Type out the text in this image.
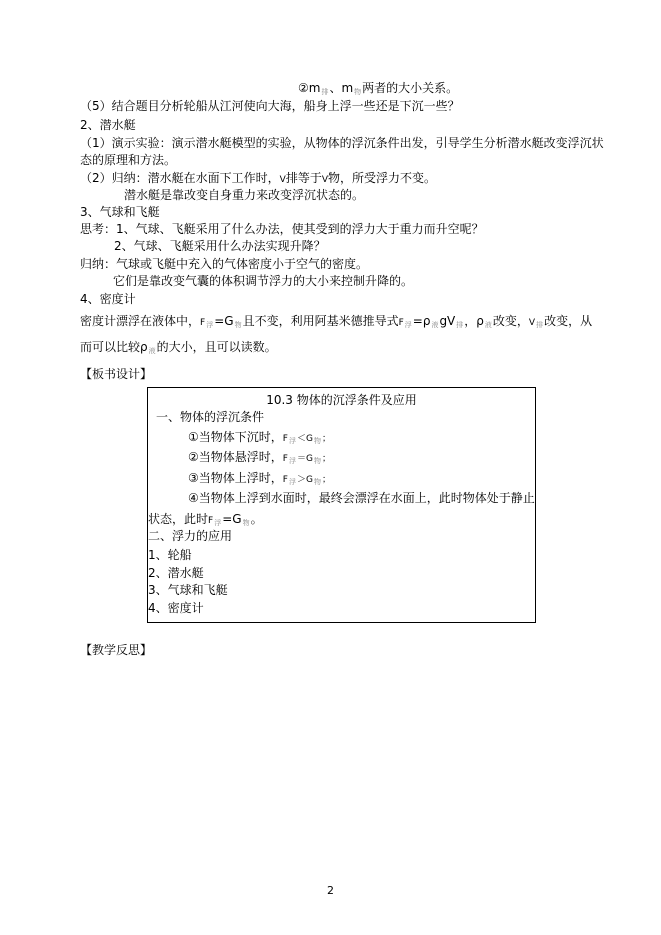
$②m_排$、$m_物$两者的大小关系。
（5）结合题目分析轮船从江河使向大海，船身上浮一些还是下沉一些？
2、潜水艇
（1）演示实验：演示潜水艇模型的实验，从物体的浮沉条件出发，引导学生分析潜水艇改变浮沉状
态的原理和方法。
（2）归纳：潜水艇在水面下工作时，V排等于V物，所受浮力不变。
潜水艇是靠改变自身重力来改变浮沉状态的。
3、气球和飞艇
思考：1、气球、飞艇采用了什么办法，使其受到的浮力大于重力而升空呢？
2、气球、飞艇采用什么办法实现升降？
归纳：气球或飞艇中充入的气体密度小于空气的密度。
它们是靠改变气囊的体积调节浮力的大小来控制升降的。
4、密度计
密度计漂浮在液体中，$F_浮=G_物$且不变，利用阿基米德推导式$F_浮=\rho_液gV_排$，$\rho_液$改变，$V_排$改变，从
而可以比较$\rho_液$的大小，且可以读数。
【板书设计】
10.3 物体的沉浮条件及应用
一、物体的浮沉条件
①当物体下沉时，$F_浮<G_物$；
②当物体悬浮时，$F_浮=G_物$；
③当物体上浮时，$F_浮>G_物$；
④当物体上浮到水面时，最终会漂浮在水面上，此时物体处于静止
状态，此时$F_浮=G_物$。
二、浮力的应用
1、轮船
2、潜水艇
3、气球和飞艇
4、密度计
【教学反思】
2
